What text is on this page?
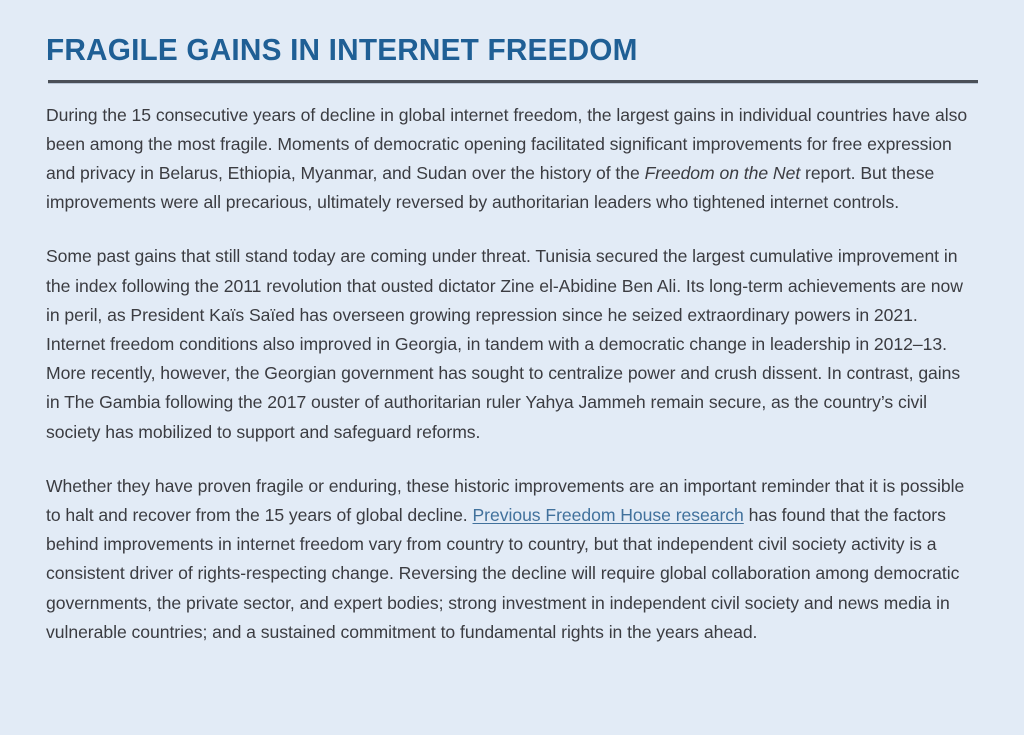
FRAGILE GAINS IN INTERNET FREEDOM

During the 15 consecutive years of decline in global internet freedom, the largest gains in individual countries have also been among the most fragile. Moments of democratic opening facilitated significant improvements for free expression and privacy in Belarus, Ethiopia, Myanmar, and Sudan over the history of the Freedom on the Net report. But these improvements were all precarious, ultimately reversed by authoritarian leaders who tightened internet controls.

Some past gains that still stand today are coming under threat. Tunisia secured the largest cumulative improvement in the index following the 2011 revolution that ousted dictator Zine el-Abidine Ben Ali. Its long-term achievements are now in peril, as President Kaïs Saïed has overseen growing repression since he seized extraordinary powers in 2021. Internet freedom conditions also improved in Georgia, in tandem with a democratic change in leadership in 2012–13. More recently, however, the Georgian government has sought to centralize power and crush dissent. In contrast, gains in The Gambia following the 2017 ouster of authoritarian ruler Yahya Jammeh remain secure, as the country’s civil society has mobilized to support and safeguard reforms.

Whether they have proven fragile or enduring, these historic improvements are an important reminder that it is possible to halt and recover from the 15 years of global decline. Previous Freedom House research has found that the factors behind improvements in internet freedom vary from country to country, but that independent civil society activity is a consistent driver of rights-respecting change. Reversing the decline will require global collaboration among democratic governments, the private sector, and expert bodies; strong investment in independent civil society and news media in vulnerable countries; and a sustained commitment to fundamental rights in the years ahead.
